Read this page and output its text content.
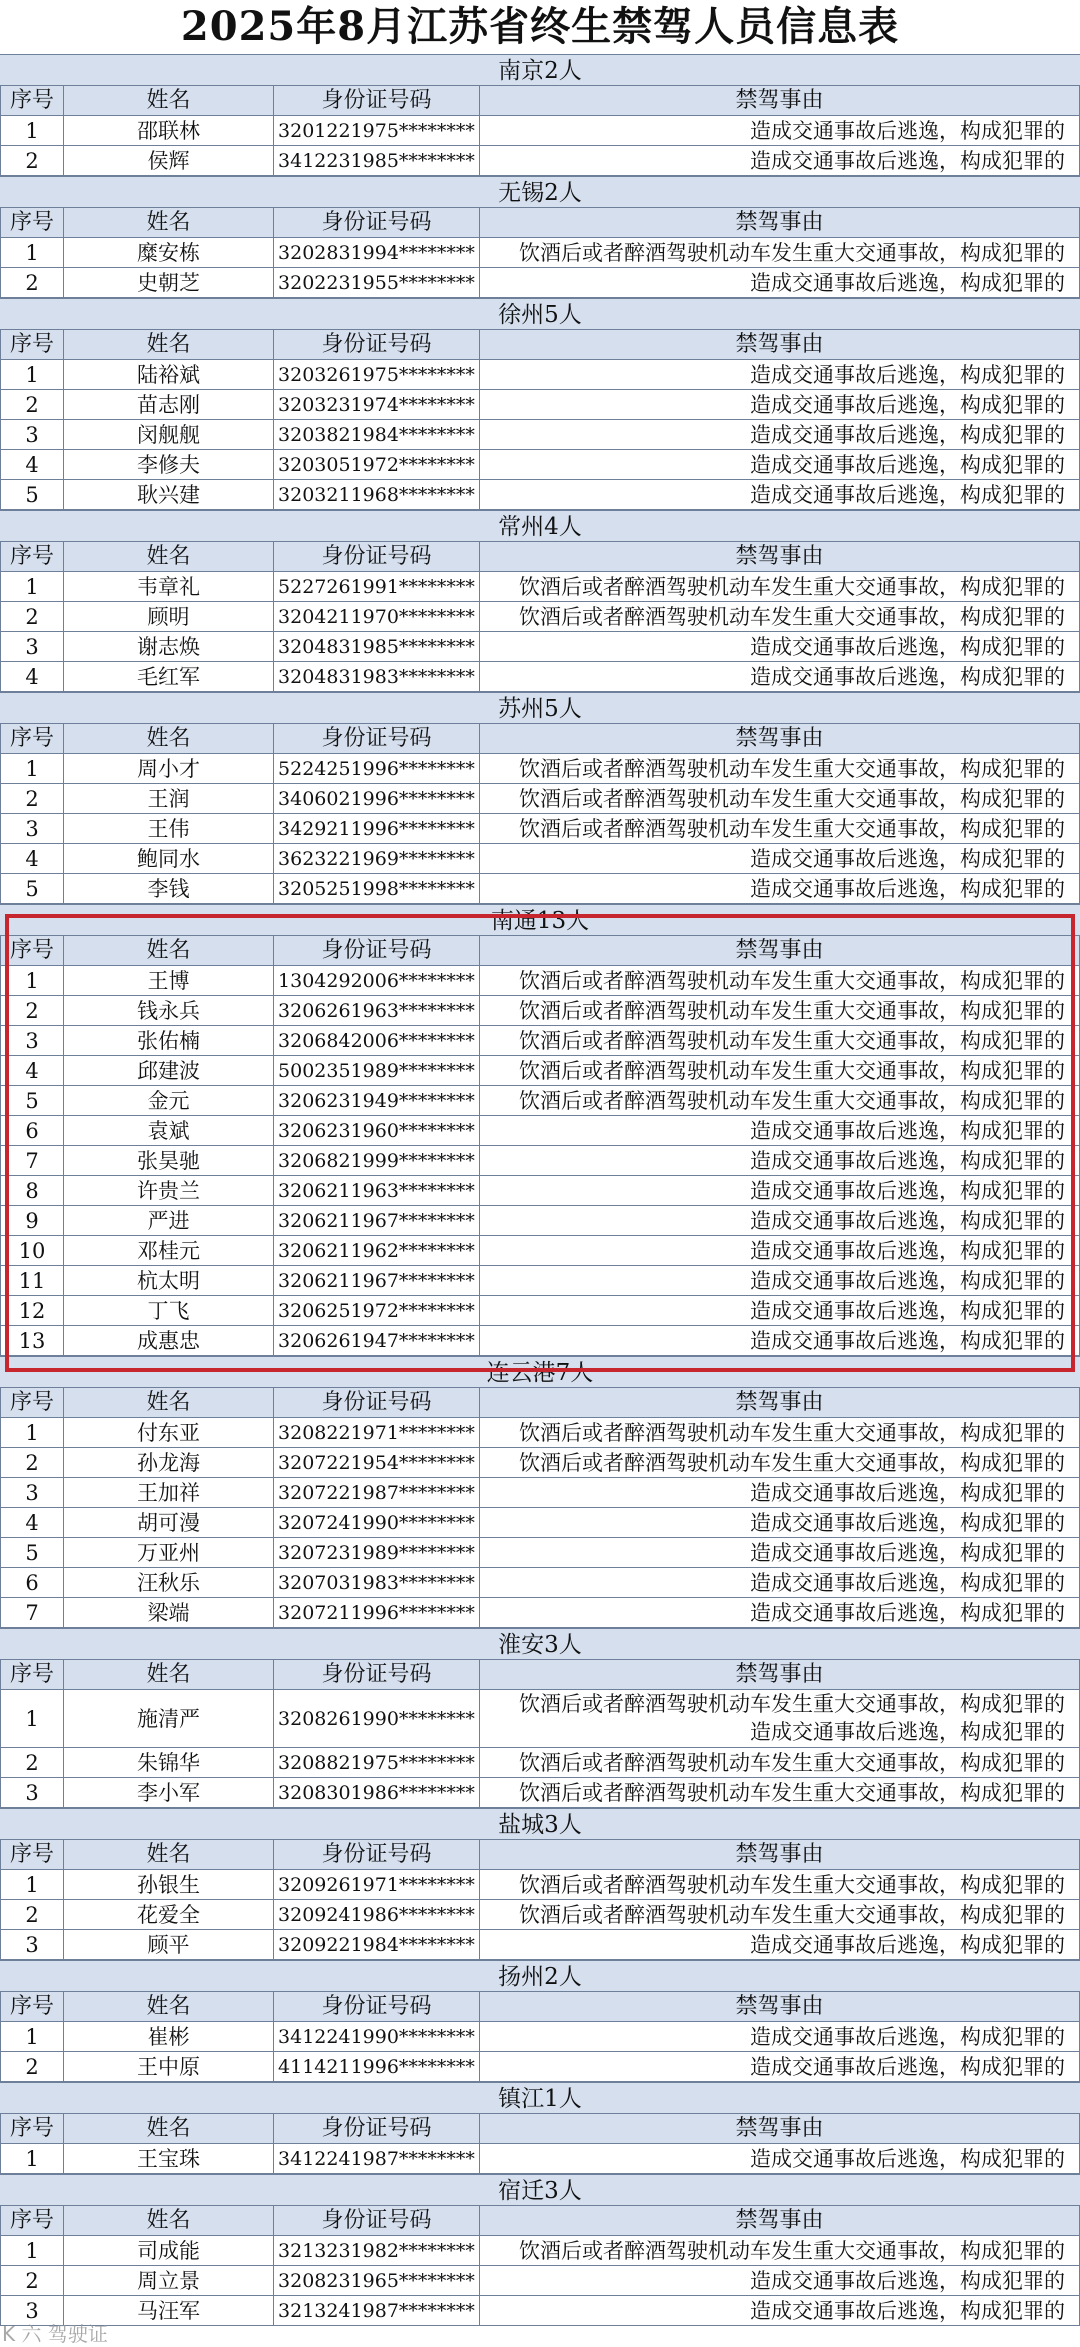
2025年8月江苏省终生禁驾人员信息表
南京2人
序号	姓名	身份证号码	禁驾事由
1	邵联林	3201221975********	造成交通事故后逃逸，构成犯罪的
2	侯辉	3412231985********	造成交通事故后逃逸，构成犯罪的
无锡2人
序号	姓名	身份证号码	禁驾事由
1	糜安栋	3202831994********	饮酒后或者醉酒驾驶机动车发生重大交通事故，构成犯罪的
2	史朝芝	3202231955********	造成交通事故后逃逸，构成犯罪的
徐州5人
序号	姓名	身份证号码	禁驾事由
1	陆裕斌	3203261975********	造成交通事故后逃逸，构成犯罪的
2	苗志刚	3203231974********	造成交通事故后逃逸，构成犯罪的
3	闵舰舰	3203821984********	造成交通事故后逃逸，构成犯罪的
4	李修夫	3203051972********	造成交通事故后逃逸，构成犯罪的
5	耿兴建	3203211968********	造成交通事故后逃逸，构成犯罪的
常州4人
序号	姓名	身份证号码	禁驾事由
1	韦章礼	5227261991********	饮酒后或者醉酒驾驶机动车发生重大交通事故，构成犯罪的
2	顾明	3204211970********	饮酒后或者醉酒驾驶机动车发生重大交通事故，构成犯罪的
3	谢志焕	3204831985********	造成交通事故后逃逸，构成犯罪的
4	毛红军	3204831983********	造成交通事故后逃逸，构成犯罪的
苏州5人
序号	姓名	身份证号码	禁驾事由
1	周小才	5224251996********	饮酒后或者醉酒驾驶机动车发生重大交通事故，构成犯罪的
2	王润	3406021996********	饮酒后或者醉酒驾驶机动车发生重大交通事故，构成犯罪的
3	王伟	3429211996********	饮酒后或者醉酒驾驶机动车发生重大交通事故，构成犯罪的
4	鲍同水	3623221969********	造成交通事故后逃逸，构成犯罪的
5	李钱	3205251998********	造成交通事故后逃逸，构成犯罪的
南通13人
序号	姓名	身份证号码	禁驾事由
1	王博	1304292006********	饮酒后或者醉酒驾驶机动车发生重大交通事故，构成犯罪的
2	钱永兵	3206261963********	饮酒后或者醉酒驾驶机动车发生重大交通事故，构成犯罪的
3	张佑楠	3206842006********	饮酒后或者醉酒驾驶机动车发生重大交通事故，构成犯罪的
4	邱建波	5002351989********	饮酒后或者醉酒驾驶机动车发生重大交通事故，构成犯罪的
5	金元	3206231949********	饮酒后或者醉酒驾驶机动车发生重大交通事故，构成犯罪的
6	袁斌	3206231960********	造成交通事故后逃逸，构成犯罪的
7	张昊驰	3206821999********	造成交通事故后逃逸，构成犯罪的
8	许贵兰	3206211963********	造成交通事故后逃逸，构成犯罪的
9	严进	3206211967********	造成交通事故后逃逸，构成犯罪的
10	邓桂元	3206211962********	造成交通事故后逃逸，构成犯罪的
11	杭太明	3206211967********	造成交通事故后逃逸，构成犯罪的
12	丁飞	3206251972********	造成交通事故后逃逸，构成犯罪的
13	成惠忠	3206261947********	造成交通事故后逃逸，构成犯罪的
连云港7人
序号	姓名	身份证号码	禁驾事由
1	付东亚	3208221971********	饮酒后或者醉酒驾驶机动车发生重大交通事故，构成犯罪的
2	孙龙海	3207221954********	饮酒后或者醉酒驾驶机动车发生重大交通事故，构成犯罪的
3	王加祥	3207221987********	造成交通事故后逃逸，构成犯罪的
4	胡可漫	3207241990********	造成交通事故后逃逸，构成犯罪的
5	万亚州	3207231989********	造成交通事故后逃逸，构成犯罪的
6	汪秋乐	3207031983********	造成交通事故后逃逸，构成犯罪的
7	梁端	3207211996********	造成交通事故后逃逸，构成犯罪的
淮安3人
序号	姓名	身份证号码	禁驾事由
1	施清严	3208261990********
饮酒后或者醉酒驾驶机动车发生重大交通事故，构成犯罪的
造成交通事故后逃逸，构成犯罪的
2	朱锦华	3208821975********	饮酒后或者醉酒驾驶机动车发生重大交通事故，构成犯罪的
3	李小军	3208301986********	饮酒后或者醉酒驾驶机动车发生重大交通事故，构成犯罪的
盐城3人
序号	姓名	身份证号码	禁驾事由
1	孙银生	3209261971********	饮酒后或者醉酒驾驶机动车发生重大交通事故，构成犯罪的
2	花爱全	3209241986********	饮酒后或者醉酒驾驶机动车发生重大交通事故，构成犯罪的
3	顾平	3209221984********	造成交通事故后逃逸，构成犯罪的
扬州2人
序号	姓名	身份证号码	禁驾事由
1	崔彬	3412241990********	造成交通事故后逃逸，构成犯罪的
2	王中原	4114211996********	造成交通事故后逃逸，构成犯罪的
镇江1人
序号	姓名	身份证号码	禁驾事由
1	王宝珠	3412241987********	造成交通事故后逃逸，构成犯罪的
宿迁3人
序号	姓名	身份证号码	禁驾事由
1	司成能	3213231982********	饮酒后或者醉酒驾驶机动车发生重大交通事故，构成犯罪的
2	周立景	3208231965********	造成交通事故后逃逸，构成犯罪的
3	马汪军	3213241987********	造成交通事故后逃逸，构成犯罪的
K 六 驾驶证
